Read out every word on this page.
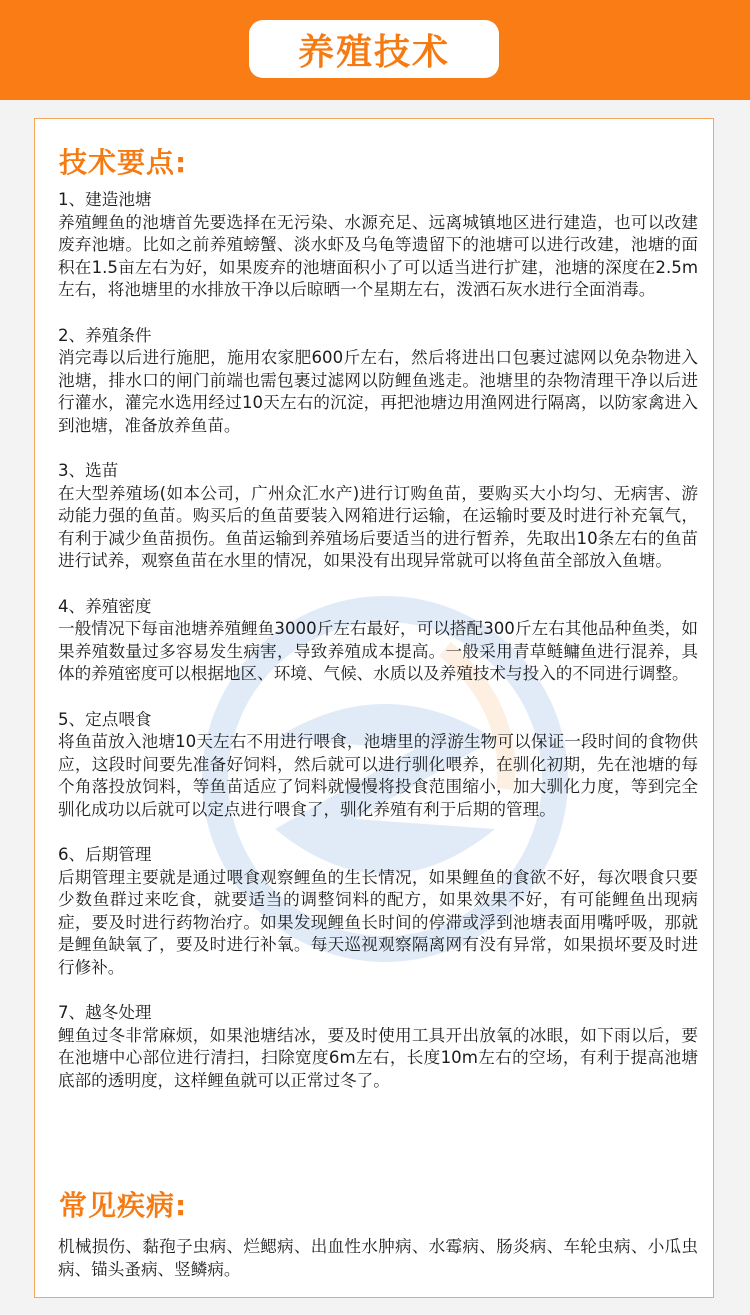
养殖技术
技术要点:

1、建造池塘

养殖鲤鱼的池塘首先要选择在无污染、水源充足、远离城镇地区进行建造，也可以改建废弃池塘。比如之前养殖螃蟹、淡水虾及乌龟等遗留下的池塘可以进行改建，池塘的面积在1.5亩左右为好，如果废弃的池塘面积小了可以适当进行扩建，池塘的深度在2.5m左右，将池塘里的水排放干净以后晾晒一个星期左右，泼洒石灰水进行全面消毒。

2、养殖条件

消完毒以后进行施肥，施用农家肥600斤左右，然后将进出口包裹过滤网以免杂物进入池塘，排水口的闸门前端也需包裹过滤网以防鲤鱼逃走。池塘里的杂物清理干净以后进行灌水，灌完水选用经过10天左右的沉淀，再把池塘边用渔网进行隔离，以防家禽进入到池塘，准备放养鱼苗。

3、选苗

在大型养殖场(如本公司，广州众汇水产)进行订购鱼苗，要购买大小均匀、无病害、游动能力强的鱼苗。购买后的鱼苗要装入网箱进行运输，在运输时要及时进行补充氧气，有利于减少鱼苗损伤。鱼苗运输到养殖场后要适当的进行暂养，先取出10条左右的鱼苗进行试养，观察鱼苗在水里的情况，如果没有出现异常就可以将鱼苗全部放入鱼塘。

4、养殖密度

一般情况下每亩池塘养殖鲤鱼3000斤左右最好，可以搭配300斤左右其他品种鱼类，如果养殖数量过多容易发生病害，导致养殖成本提高。一般采用青草鲢鳙鱼进行混养，具体的养殖密度可以根据地区、环境、气候、水质以及养殖技术与投入的不同进行调整。

5、定点喂食

将鱼苗放入池塘10天左右不用进行喂食，池塘里的浮游生物可以保证一段时间的食物供应，这段时间要先准备好饲料，然后就可以进行驯化喂养，在驯化初期，先在池塘的每个角落投放饲料，等鱼苗适应了饲料就慢慢将投食范围缩小，加大驯化力度，等到完全驯化成功以后就可以定点进行喂食了，驯化养殖有利于后期的管理。

6、后期管理

后期管理主要就是通过喂食观察鲤鱼的生长情况，如果鲤鱼的食欲不好，每次喂食只要少数鱼群过来吃食，就要适当的调整饲料的配方，如果效果不好，有可能鲤鱼出现病症，要及时进行药物治疗。如果发现鲤鱼长时间的停滞或浮到池塘表面用嘴呼吸，那就是鲤鱼缺氧了，要及时进行补氧。每天巡视观察隔离网有没有异常，如果损坏要及时进行修补。

7、越冬处理

鲤鱼过冬非常麻烦，如果池塘结冰，要及时使用工具开出放氧的冰眼，如下雨以后，要在池塘中心部位进行清扫，扫除宽度6m左右，长度10m左右的空场，有利于提高池塘底部的透明度，这样鲤鱼就可以正常过冬了。

常见疾病:

机械损伤、黏孢子虫病、烂鳃病、出血性水肿病、水霉病、肠炎病、车轮虫病、小瓜虫病、锚头蚤病、竖鳞病。
